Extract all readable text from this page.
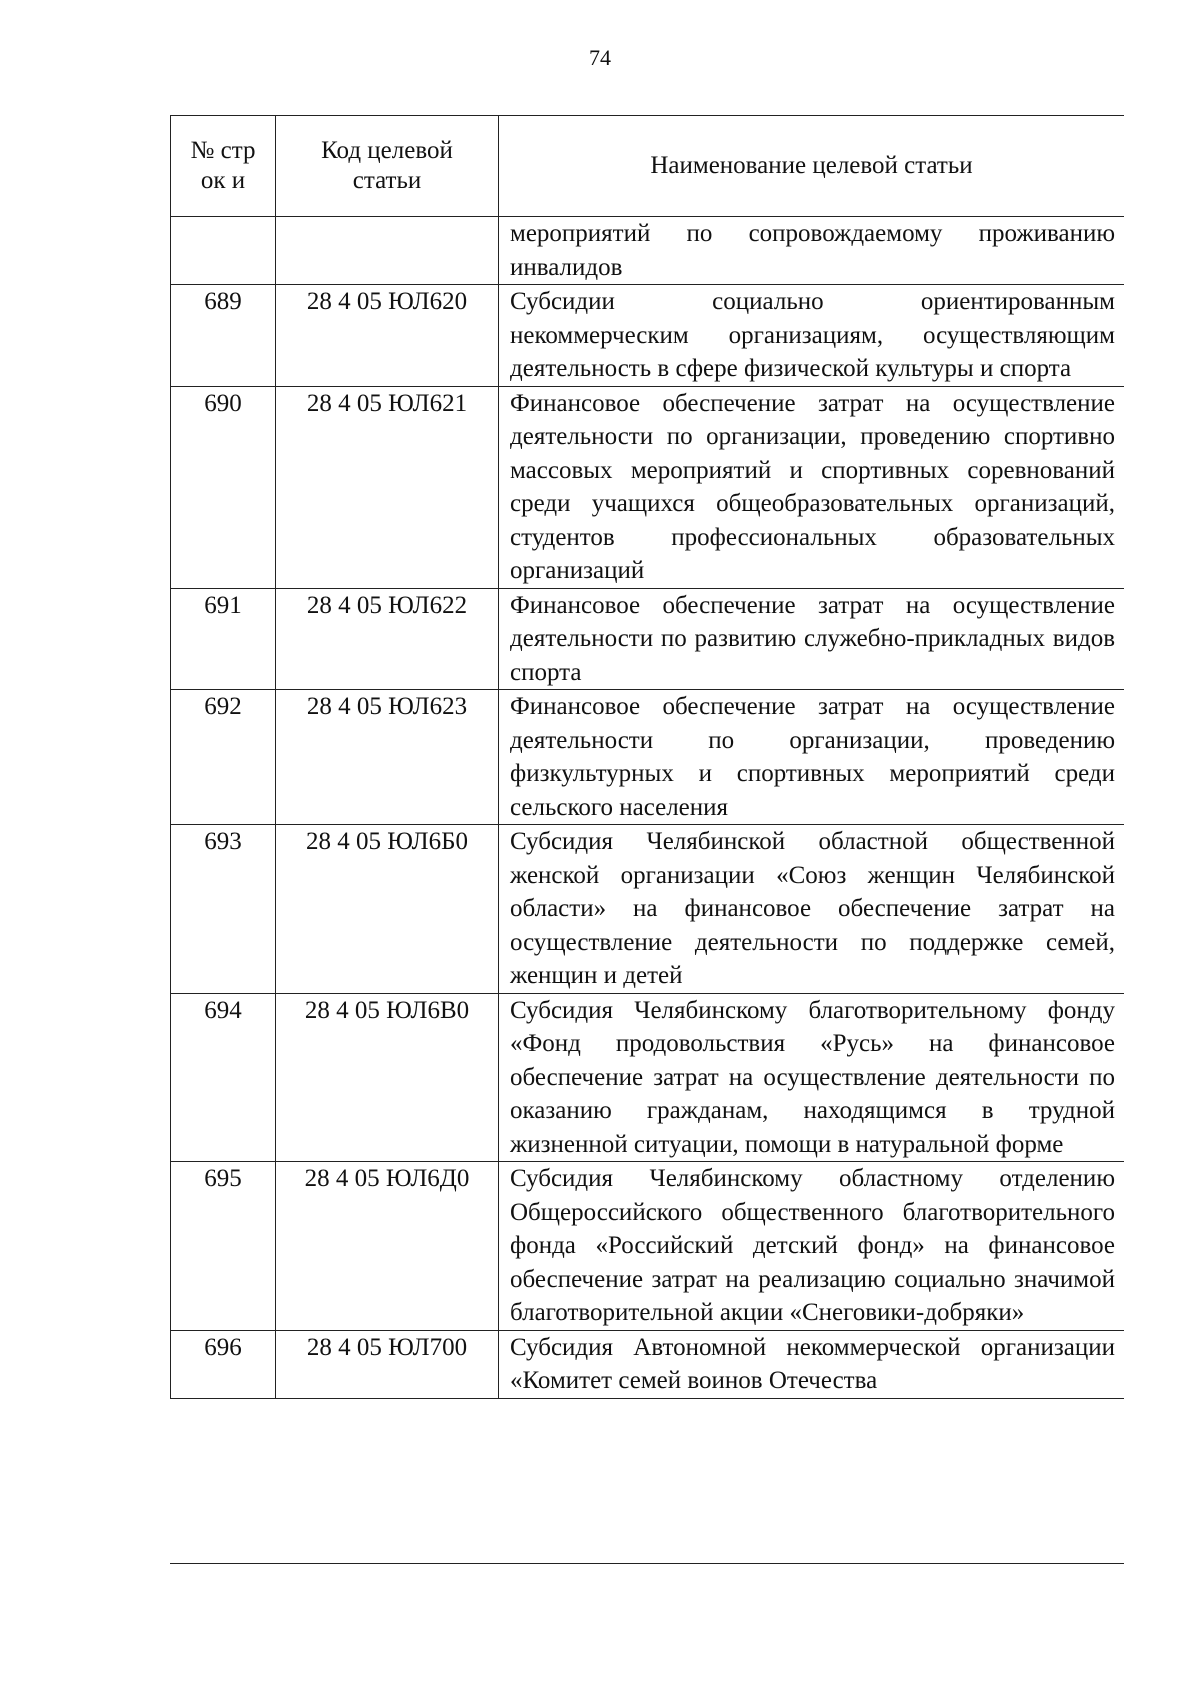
74
№ строк и	Код целевой статьи	Наименование целевой статьи
		мероприятий по сопровождаемому проживанию инвалидов
689	28 4 05 ЮЛ620	Субсидии социально ориентированным некоммерческим организациям, осуществляющим деятельность в сфере физической культуры и спорта
690	28 4 05 ЮЛ621	Финансовое обеспечение затрат на осуществление деятельности по организации, проведению спортивно массовых мероприятий и спортивных соревнований среди учащихся общеобразовательных организаций, студентов профессиональных образовательных организаций
691	28 4 05 ЮЛ622	Финансовое обеспечение затрат на осуществление деятельности по развитию служебно-прикладных видов спорта
692	28 4 05 ЮЛ623	Финансовое обеспечение затрат на осуществление деятельности по организации, проведению физкультурных и спортивных мероприятий среди сельского населения
693	28 4 05 ЮЛ6Б0	Субсидия Челябинской областной общественной женской организации «Союз женщин Челябинской области» на финансовое обеспечение затрат на осуществление деятельности по поддержке семей, женщин и детей
694	28 4 05 ЮЛ6В0	Субсидия Челябинскому благотворительному фонду «Фонд продовольствия «Русь» на финансовое обеспечение затрат на осуществление деятельности по оказанию гражданам, находящимся в трудной жизненной ситуации, помощи в натуральной форме
695	28 4 05 ЮЛ6Д0	Субсидия Челябинскому областному отделению Общероссийского общественного благотворительного фонда «Российский детский фонд» на финансовое обеспечение затрат на реализацию социально значимой благотворительной акции «Снеговики-добряки»
696	28 4 05 ЮЛ700	Субсидия Автономной некоммерческой организации «Комитет семей воинов Отечества
